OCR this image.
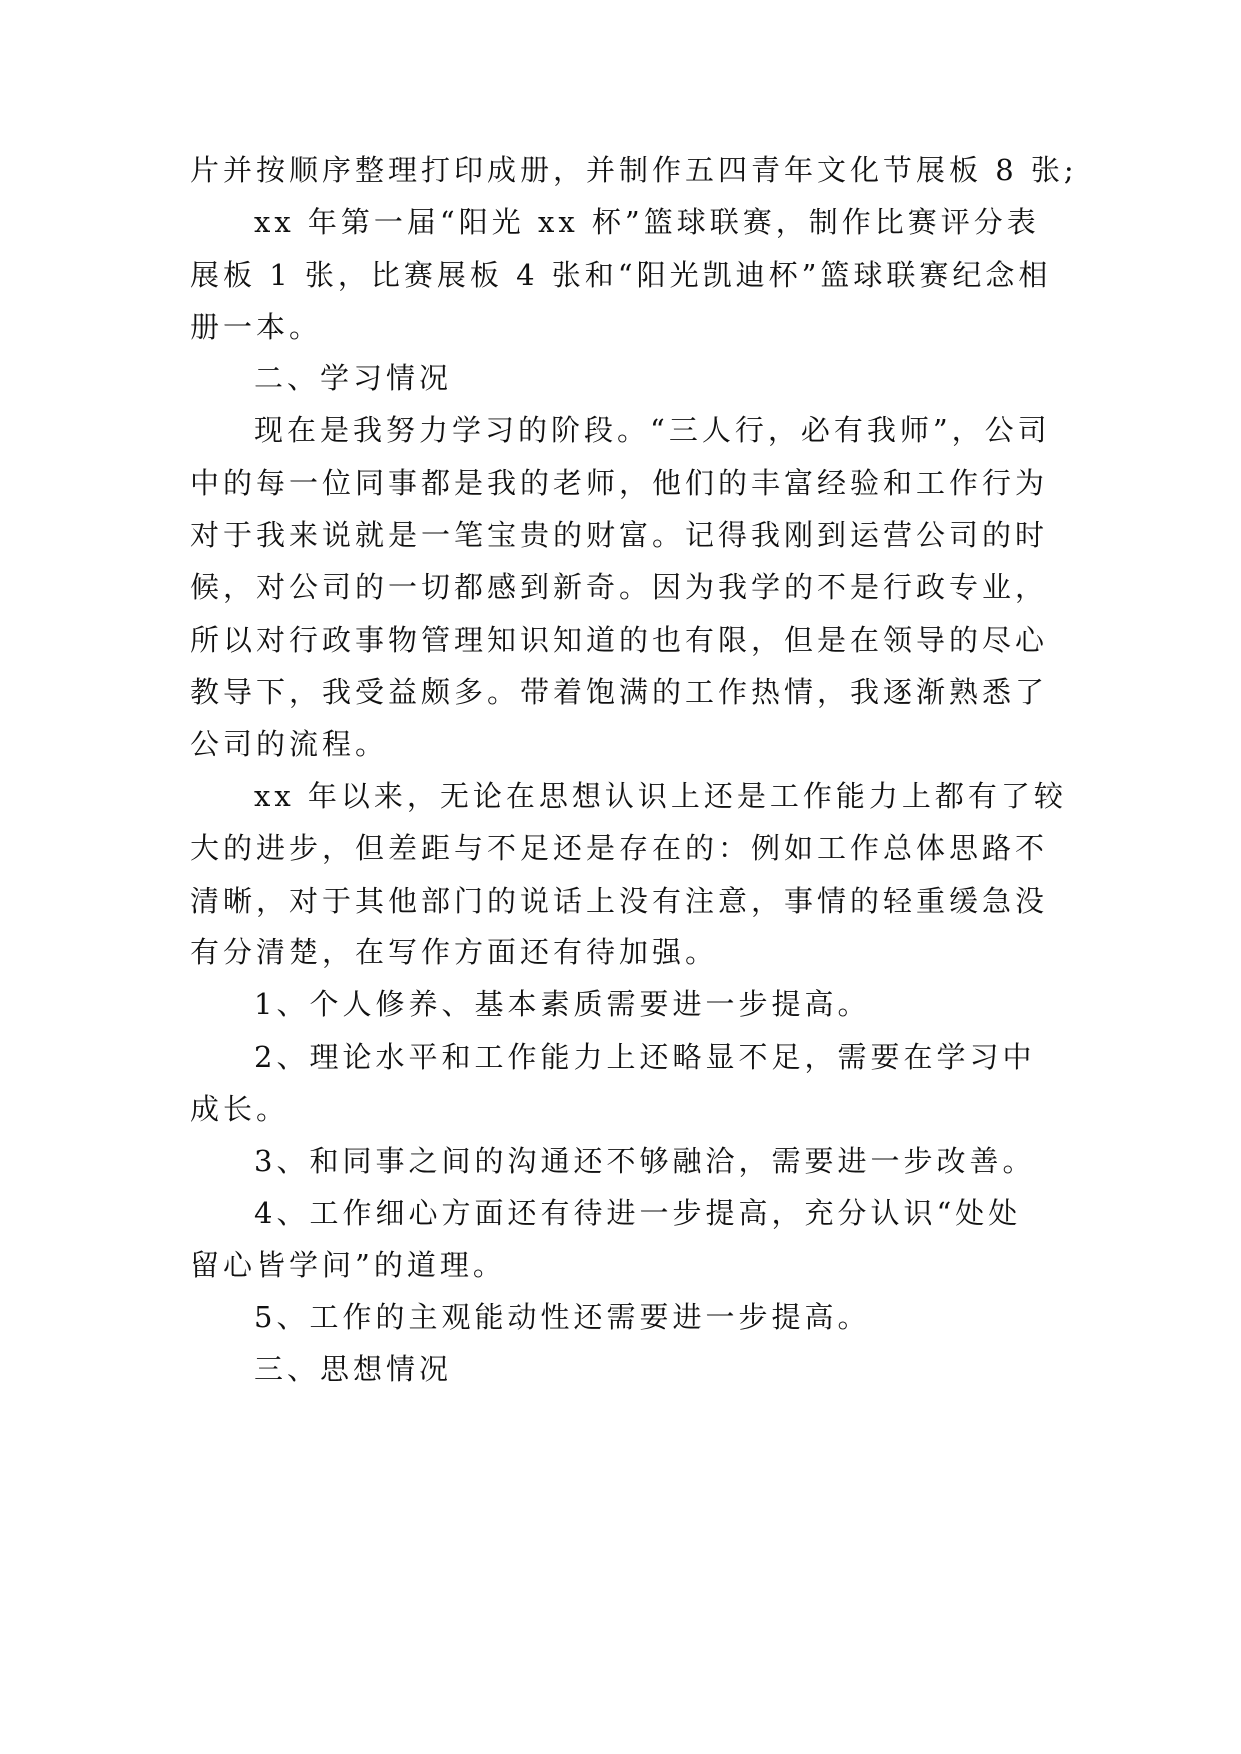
片并按顺序整理打印成册，并制作五四青年文化节展板 8 张;
xx 年第一届“阳光 xx 杯”篮球联赛，制作比赛评分表
展板 1 张，比赛展板 4 张和“阳光凯迪杯”篮球联赛纪念相
册一本。
二、学习情况
现在是我努力学习的阶段。“三人行，必有我师”，公司
中的每一位同事都是我的老师，他们的丰富经验和工作行为
对于我来说就是一笔宝贵的财富。记得我刚到运营公司的时
候，对公司的一切都感到新奇。因为我学的不是行政专业，
所以对行政事物管理知识知道的也有限，但是在领导的尽心
教导下，我受益颇多。带着饱满的工作热情，我逐渐熟悉了
公司的流程。
xx 年以来，无论在思想认识上还是工作能力上都有了较
大的进步，但差距与不足还是存在的：例如工作总体思路不
清晰，对于其他部门的说话上没有注意，事情的轻重缓急没
有分清楚，在写作方面还有待加强。
1、个人修养、基本素质需要进一步提高。
2、理论水平和工作能力上还略显不足，需要在学习中
成长。
3、和同事之间的沟通还不够融洽，需要进一步改善。
4、工作细心方面还有待进一步提高，充分认识“处处
留心皆学问”的道理。
5、工作的主观能动性还需要进一步提高。
三、思想情况
